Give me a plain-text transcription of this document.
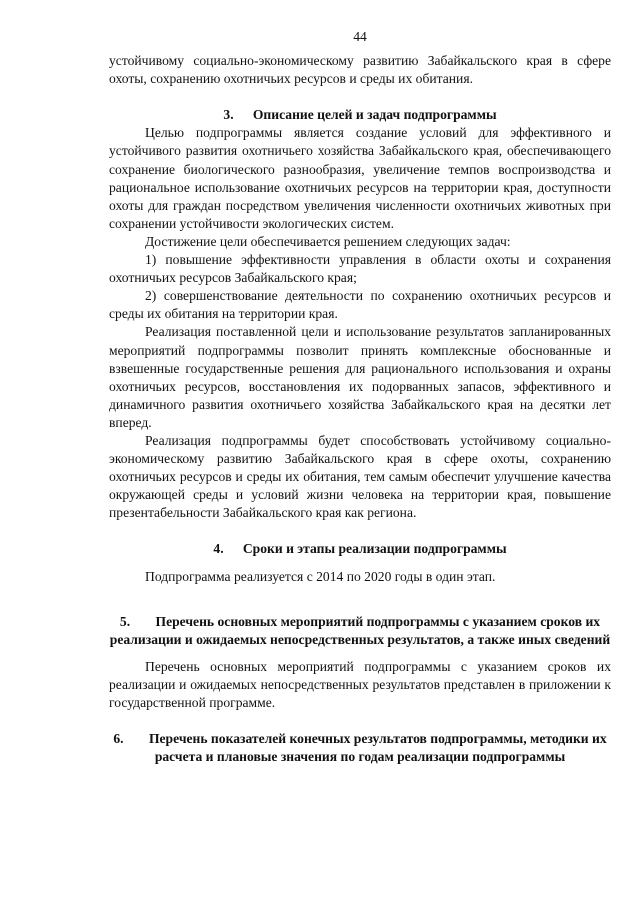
44

устойчивому социально-экономическому развитию Забайкальского края в сфере охоты, сохранению охотничьих ресурсов и среды их обитания.

3. Описание целей и задач подпрограммы

Целью подпрограммы является создание условий для эффективного и устойчивого развития охотничьего хозяйства Забайкальского края, обеспечивающего сохранение биологического разнообразия, увеличение темпов воспроизводства и рациональное использование охотничьих ресурсов на территории края, доступности охоты для граждан посредством увеличения численности охотничьих животных при сохранении устойчивости экологических систем.

Достижение цели обеспечивается решением следующих задач:

1) повышение эффективности управления в области охоты и сохранения охотничьих ресурсов Забайкальского края;

2) совершенствование деятельности по сохранению охотничьих ресурсов и среды их обитания на территории края.

Реализация поставленной цели и использование результатов запланированных мероприятий подпрограммы позволит принять комплексные обоснованные и взвешенные государственные решения для рационального использования и охраны охотничьих ресурсов, восстановления их подорванных запасов, эффективного и динамичного развития охотничьего хозяйства Забайкальского края на десятки лет вперед.

Реализация подпрограммы будет способствовать устойчивому социально-экономическому развитию Забайкальского края в сфере охоты, сохранению охотничьих ресурсов и среды их обитания, тем самым обеспечит улучшение качества окружающей среды и условий жизни человека на территории края, повышение презентабельности Забайкальского края как региона.

4. Сроки и этапы реализации подпрограммы

Подпрограмма реализуется с 2014 по 2020 годы в один этап.

5. Перечень основных мероприятий подпрограммы с указанием сроков их реализации и ожидаемых непосредственных результатов, а также иных сведений

Перечень основных мероприятий подпрограммы с указанием сроков их реализации и ожидаемых непосредственных результатов представлен в приложении к государственной программе.

6. Перечень показателей конечных результатов подпрограммы, методики их расчета и плановые значения по годам реализации подпрограммы
